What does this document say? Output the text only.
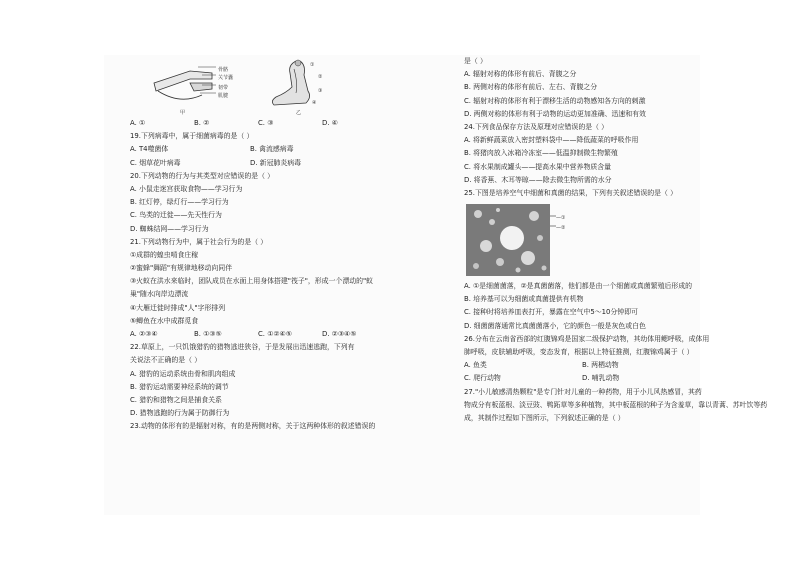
骨骼
关节囊
韧带
肌腱
甲
①
②
③
④
乙
A. ①	B. ②	C. ③	D. ④
19.下列病毒中，属于细菌病毒的是（ ）
A. T4噬菌体	B. 禽流感病毒
C. 烟草花叶病毒	D. 新冠肺炎病毒
20.下列动物的行为与其类型对应错误的是（ ）
A. 小鼠走迷宫获取食物——学习行为
B. 红灯停，绿灯行——学习行为
C. 鸟类的迁徙——先天性行为
D. 蜘蛛结网——学习行为
21.下列动物行为中，属于社会行为的是（ ）
①成群的蝗虫啃食庄稼
②蜜蜂"舞蹈"有规律地移动向同伴
③火蚁在洪水来临时，团队成员在水面上用身体搭建"筏子"，形成一个漂动的"蚁
巢"随水向岸边漂流
④大雁迁徙时排成"人"字形排列
⑤鲫鱼在水中成群觅食
A. ②③④	B. ①③⑤	C. ①②④⑤	D. ②③④⑤
22.草原上，一只饥饿猎豹的猎物逃进狭谷，于是发展出迅速逃跑，下列有
关说法不正确的是（ ）
A. 猎豹的运动系统由骨和肌肉组成
B. 猎豹运动需要神经系统的调节
C. 猎豹和猎物之间是捕食关系
D. 猎物逃跑的行为属于防御行为
23.动物的体形有的是辐射对称，有的是两侧对称，关于这两种体形的叙述错误的
是（ ）
A. 辐射对称的体形有前后、背腹之分
B. 两侧对称的体形有前后、左右、背腹之分
C. 辐射对称的体形有利于漂移生活的动物感知各方向的刺激
D. 两侧对称的体形有利于动物的运动更加准确、迅速和有效
24.下列食品保存方法及原理对应错误的是（ ）
A. 将新鲜蔬菜放入密封塑料袋中——降低蔬菜的呼吸作用
B. 将猪肉放入冰箱冷冻室——低温抑制微生物繁殖
C. 将水果制成罐头——提高水果中营养物质含量
D. 将香蕉、木耳等晾——除去微生物所需的水分
25.下图是培养空气中细菌和真菌的结果，下列有关叙述错误的是（ ）
—①
—②
A. ①是细菌菌落，②是真菌菌落，他们都是由一个细菌或真菌繁殖后形成的
B. 培养基可以为细菌或真菌提供有机物
C. 接种时将培养皿表打开，暴露在空气中5～10分钟即可
D. 细菌菌落通常比真菌菌落小，它的颜色一般是灰色或白色
26.分布在云南省西部的红腹锦鸡是国家二级保护动物，其幼体用鳃呼吸，成体用
肺呼吸，皮肤辅助呼吸，变态发育，根据以上特征推测，红腹锦鸡属于（ ）
A. 鱼类	B. 两栖动物
C. 爬行动物	D. 哺乳动物
27."小儿敏感清热颗粒"是专门针对儿童的一种药物，用于小儿风热感冒，其药
物成分有板蓝根、淡豆豉、鸭跖草等多种植物，其中板蓝根的种子为含羞草，靠以青蒿、苏叶饮等药
成，其制作过程如下图所示，下列叙述正确的是（ ）
